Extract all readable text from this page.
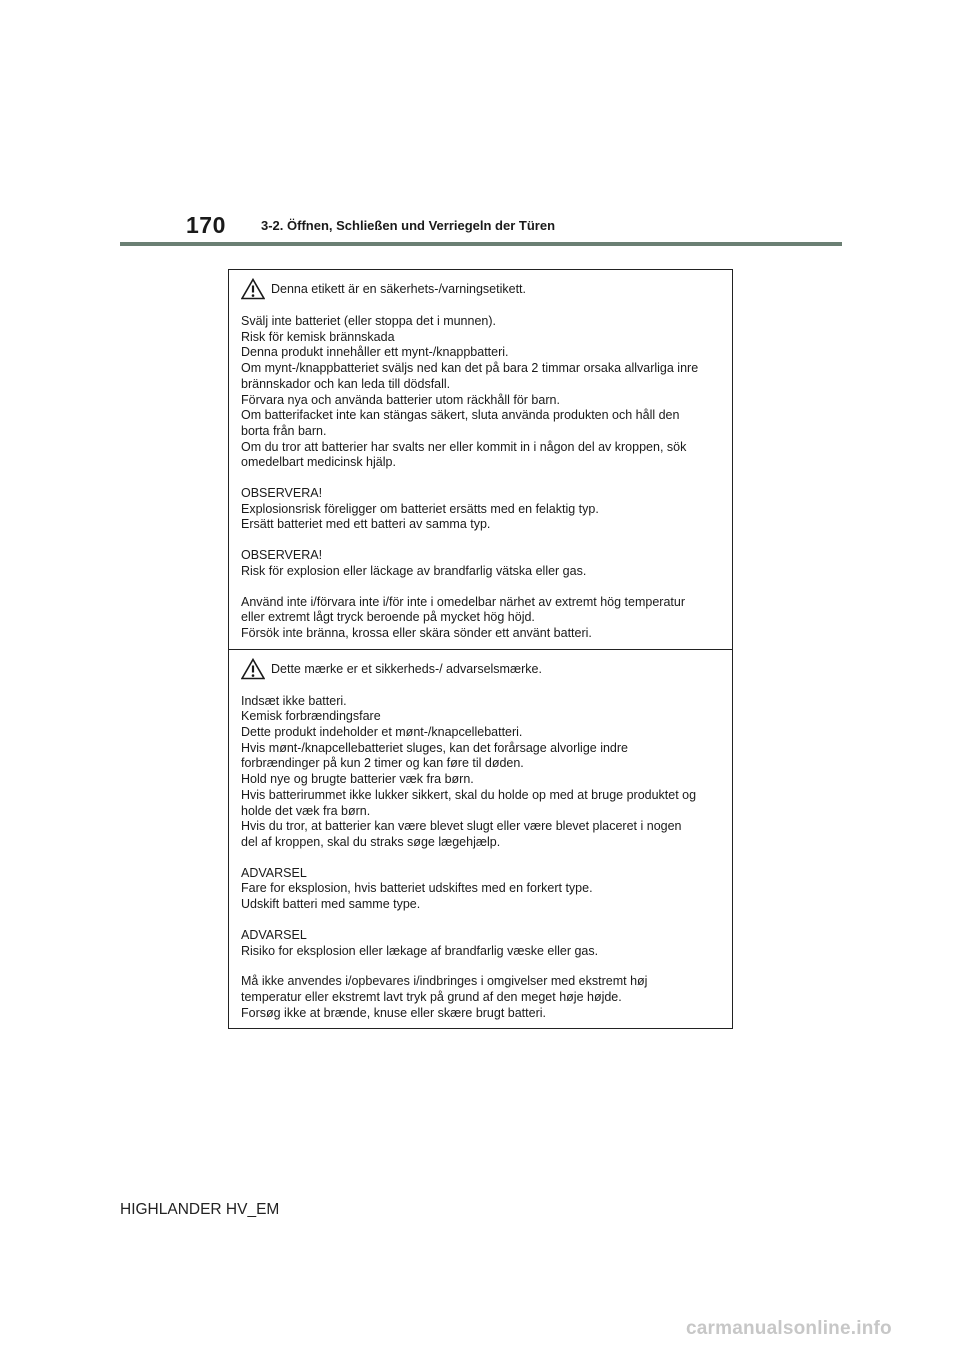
170	3-2. Öffnen, Schließen und Verriegeln der Türen
Denna etikett är en säkerhets-/varningsetikett.
Svälj inte batteriet (eller stoppa det i munnen).
Risk för kemisk brännskada
Denna produkt innehåller ett mynt-/knappbatteri.
Om mynt-/knappbatteriet sväljs ned kan det på bara 2 timmar orsaka allvarliga inre
brännskador och kan leda till dödsfall.
Förvara nya och använda batterier utom räckhåll för barn.
Om batterifacket inte kan stängas säkert, sluta använda produkten och håll den
borta från barn.
Om du tror att batterier har svalts ner eller kommit in i någon del av kroppen, sök
omedelbart medicinsk hjälp.
OBSERVERA!
Explosionsrisk föreligger om batteriet ersätts med en felaktig typ.
Ersätt batteriet med ett batteri av samma typ.
OBSERVERA!
Risk för explosion eller läckage av brandfarlig vätska eller gas.
Använd inte i/förvara inte i/för inte i omedelbar närhet av extremt hög temperatur
eller extremt lågt tryck beroende på mycket hög höjd.
Försök inte bränna, krossa eller skära sönder ett använt batteri.
Dette mærke er et sikkerheds-/ advarselsmærke.
Indsæt ikke batteri.
Kemisk forbrændingsfare
Dette produkt indeholder et mønt-/knapcellebatteri.
Hvis mønt-/knapcellebatteriet sluges, kan det forårsage alvorlige indre
forbrændinger på kun 2 timer og kan føre til døden.
Hold nye og brugte batterier væk fra børn.
Hvis batterirummet ikke lukker sikkert, skal du holde op med at bruge produktet og
holde det væk fra børn.
Hvis du tror, at batterier kan være blevet slugt eller være blevet placeret i nogen
del af kroppen, skal du straks søge lægehjælp.
ADVARSEL
Fare for eksplosion, hvis batteriet udskiftes med en forkert type.
Udskift batteri med samme type.
ADVARSEL
Risiko for eksplosion eller lækage af brandfarlig væske eller gas.
Må ikke anvendes i/opbevares i/indbringes i omgivelser med ekstremt høj
temperatur eller ekstremt lavt tryk på grund af den meget høje højde.
Forsøg ikke at brænde, knuse eller skære brugt batteri.
HIGHLANDER HV_EM
carmanualsonline.info
